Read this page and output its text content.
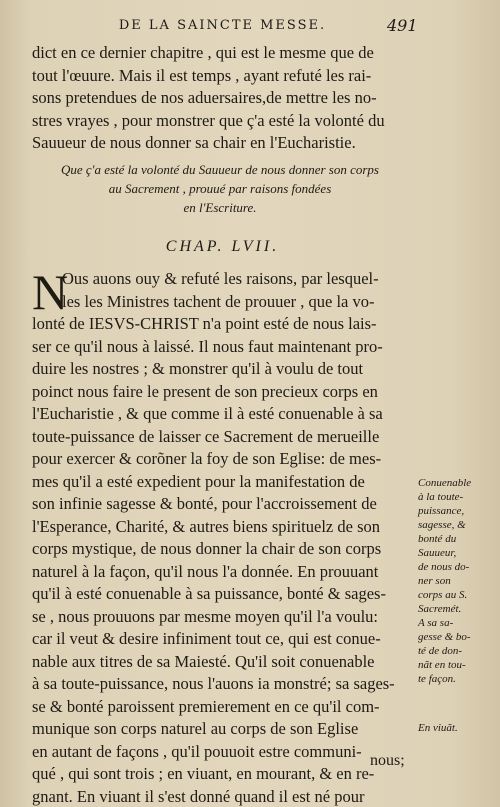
DE LA SAINCTE MESSE.	491
dict en ce dernier chapitre , qui est le mesme que de
tout l'œuure. Mais il est temps , ayant refuté les rai-
sons pretendues de nos aduersaires,de mettre les no-
stres vrayes , pour monstrer que ç'a esté la volonté du
Sauueur de nous donner sa chair en l'Eucharistie.
Que ç'a esté la volonté du Sauueur de nous donner son corps
au Sacrement , prouué par raisons fondées
en l'Escriture.
CHAP. LVII.
N
Ous auons ouy & refuté les raisons, par lesquel-
les les Ministres tachent de prouuer , que la vo-
lonté de IESVS-CHRIST n'a point esté de nous lais-
ser ce qu'il nous à laissé. Il nous faut maintenant pro-
duire les nostres ; & monstrer qu'il à voulu de tout
poinct nous faire le present de son precieux corps en
l'Eucharistie , & que comme il à esté conuenable à sa
toute-puissance de laisser ce Sacrement de merueille
pour exercer & corõner la foy de son Eglise: de mes-
mes qu'il a esté expedient pour la manifestation de
son infinie sagesse & bonté, pour l'accroissement de
l'Esperance, Charité, & autres biens spirituelz de son
corps mystique, de nous donner la chair de son corps
naturel à la façon, qu'il nous l'a donnée. En prouuant
qu'il à esté conuenable à sa puissance, bonté & sages-
se , nous prouuons par mesme moyen qu'il l'a voulu:
car il veut & desire infiniment tout ce, qui est conue-
nable aux titres de sa Maiesté. Qu'il soit conuenable
à sa toute-puissance, nous l'auons ia monstré; sa sages-
se & bonté paroissent premierement en ce qu'il com-
munique son corps naturel au corps de son Eglise
en autant de façons , qu'il pouuoit estre communi-
qué , qui sont trois ; en viuant, en mourant, & en re-
gnant. En viuant il s'est donné quand il est né pour
Conuenable
à la toute-
puissance,
sagesse, &
bonté du
Sauueur,
de nous do-
ner son
corps au S.
Sacremét.
A sa sa-
gesse & bo-
té de don-
nãt en tou-
te façon.
En viuãt.
nous;
